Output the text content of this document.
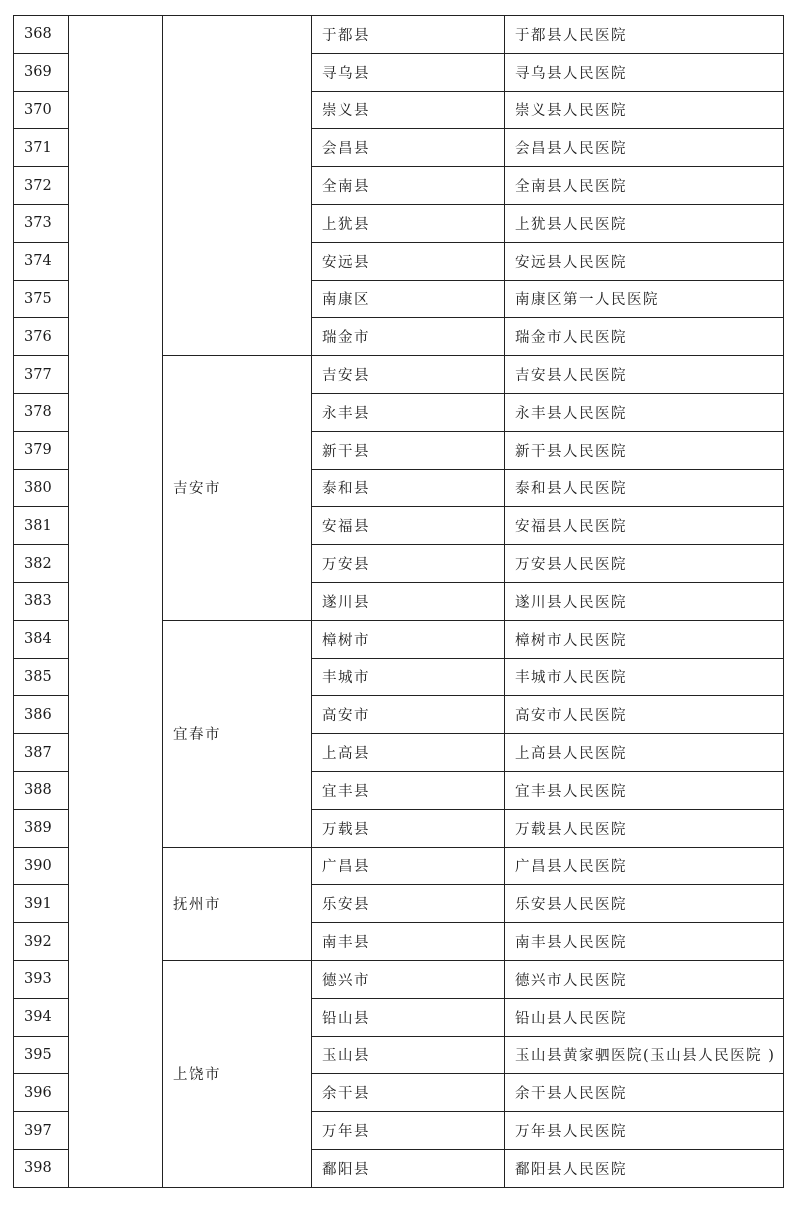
368			于都县	于都县人民医院
369			寻乌县	寻乌县人民医院
370			崇义县	崇义县人民医院
371			会昌县	会昌县人民医院
372			全南县	全南县人民医院
373			上犹县	上犹县人民医院
374			安远县	安远县人民医院
375			南康区	南康区第一人民医院
376			瑞金市	瑞金市人民医院
377		吉安市	吉安县	吉安县人民医院
378			永丰县	永丰县人民医院
379			新干县	新干县人民医院
380			泰和县	泰和县人民医院
381			安福县	安福县人民医院
382			万安县	万安县人民医院
383			遂川县	遂川县人民医院
384		宜春市	樟树市	樟树市人民医院
385			丰城市	丰城市人民医院
386			高安市	高安市人民医院
387			上高县	上高县人民医院
388			宜丰县	宜丰县人民医院
389			万载县	万载县人民医院
390		抚州市	广昌县	广昌县人民医院
391			乐安县	乐安县人民医院
392			南丰县	南丰县人民医院
393		上饶市	德兴市	德兴市人民医院
394			铅山县	铅山县人民医院
395			玉山县	玉山县黄家驷医院(玉山县人民医院 )
396			余干县	余干县人民医院
397			万年县	万年县人民医院
398			鄱阳县	鄱阳县人民医院
